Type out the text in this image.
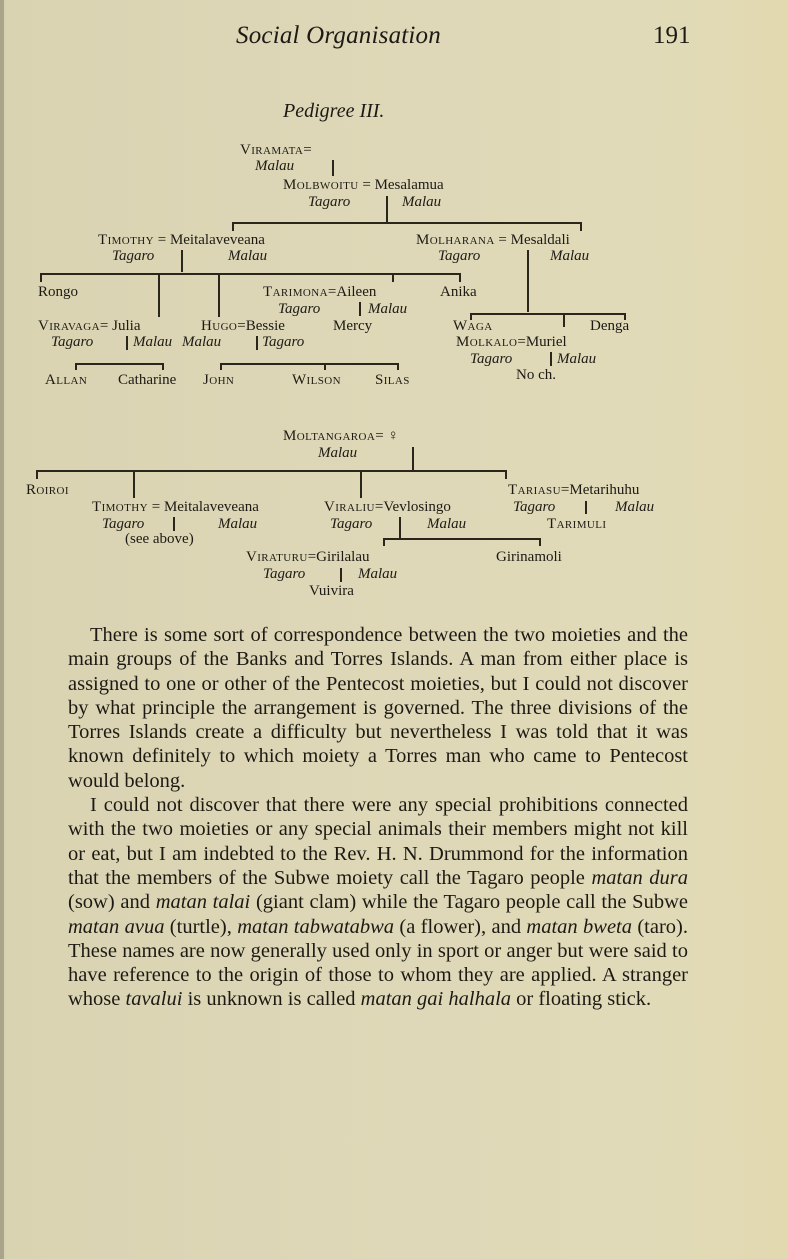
Social Organisation	191
Pedigree III.
Viramata=
Malau
Molbwoitu = Mesalamua
Tagaro	Malau
Timothy = Meitalaveveana
Tagaro	Malau
Molharana = Mesaldali
Tagaro	Malau
Rongo	Tarimona=Aileen
Tagaro	Malau
Anika
Viravaga= Julia
Tagaro	Malau
Hugo=Bessie
Malau	Tagaro
Mercy	Waga	Denga
Molkalo=Muriel
Tagaro	Malau
No ch.
Allan Catharine John	Wilson Silas
Moltangaroa= ♀
Malau
Roiroi	Tariasu=Metarihuhu
Timothy = Meitalaveveana
Tagaro	Malau
(see above)
Viraliu=Vevlosingo
Tagaro	Malau
Tagaro	Malau
Tarimuli
Viraturu=Girilalau	Girinamoli
Tagaro	Malau
Vuivira

There is some sort of correspondence between the two moieties and the main groups of the Banks and Torres Islands. A man from either place is assigned to one or other of the Pentecost moieties, but I could not discover by what principle the arrangement is governed. The three divisions of the Torres Islands create a difficulty but nevertheless I was told that it was known definitely to which moiety a Torres man who came to Pentecost would belong.

I could not discover that there were any special prohibitions connected with the two moieties or any special animals their members might not kill or eat, but I am indebted to the Rev. H. N. Drummond for the information that the members of the Subwe moiety call the Tagaro people matan dura (sow) and matan talai (giant clam) while the Tagaro people call the Subwe matan avua (turtle), matan tabwatabwa (a flower), and matan bweta (taro). These names are now generally used only in sport or anger but were said to have reference to the origin of those to whom they are applied. A stranger whose tavalui is unknown is called matan gai halhala or floating stick.
